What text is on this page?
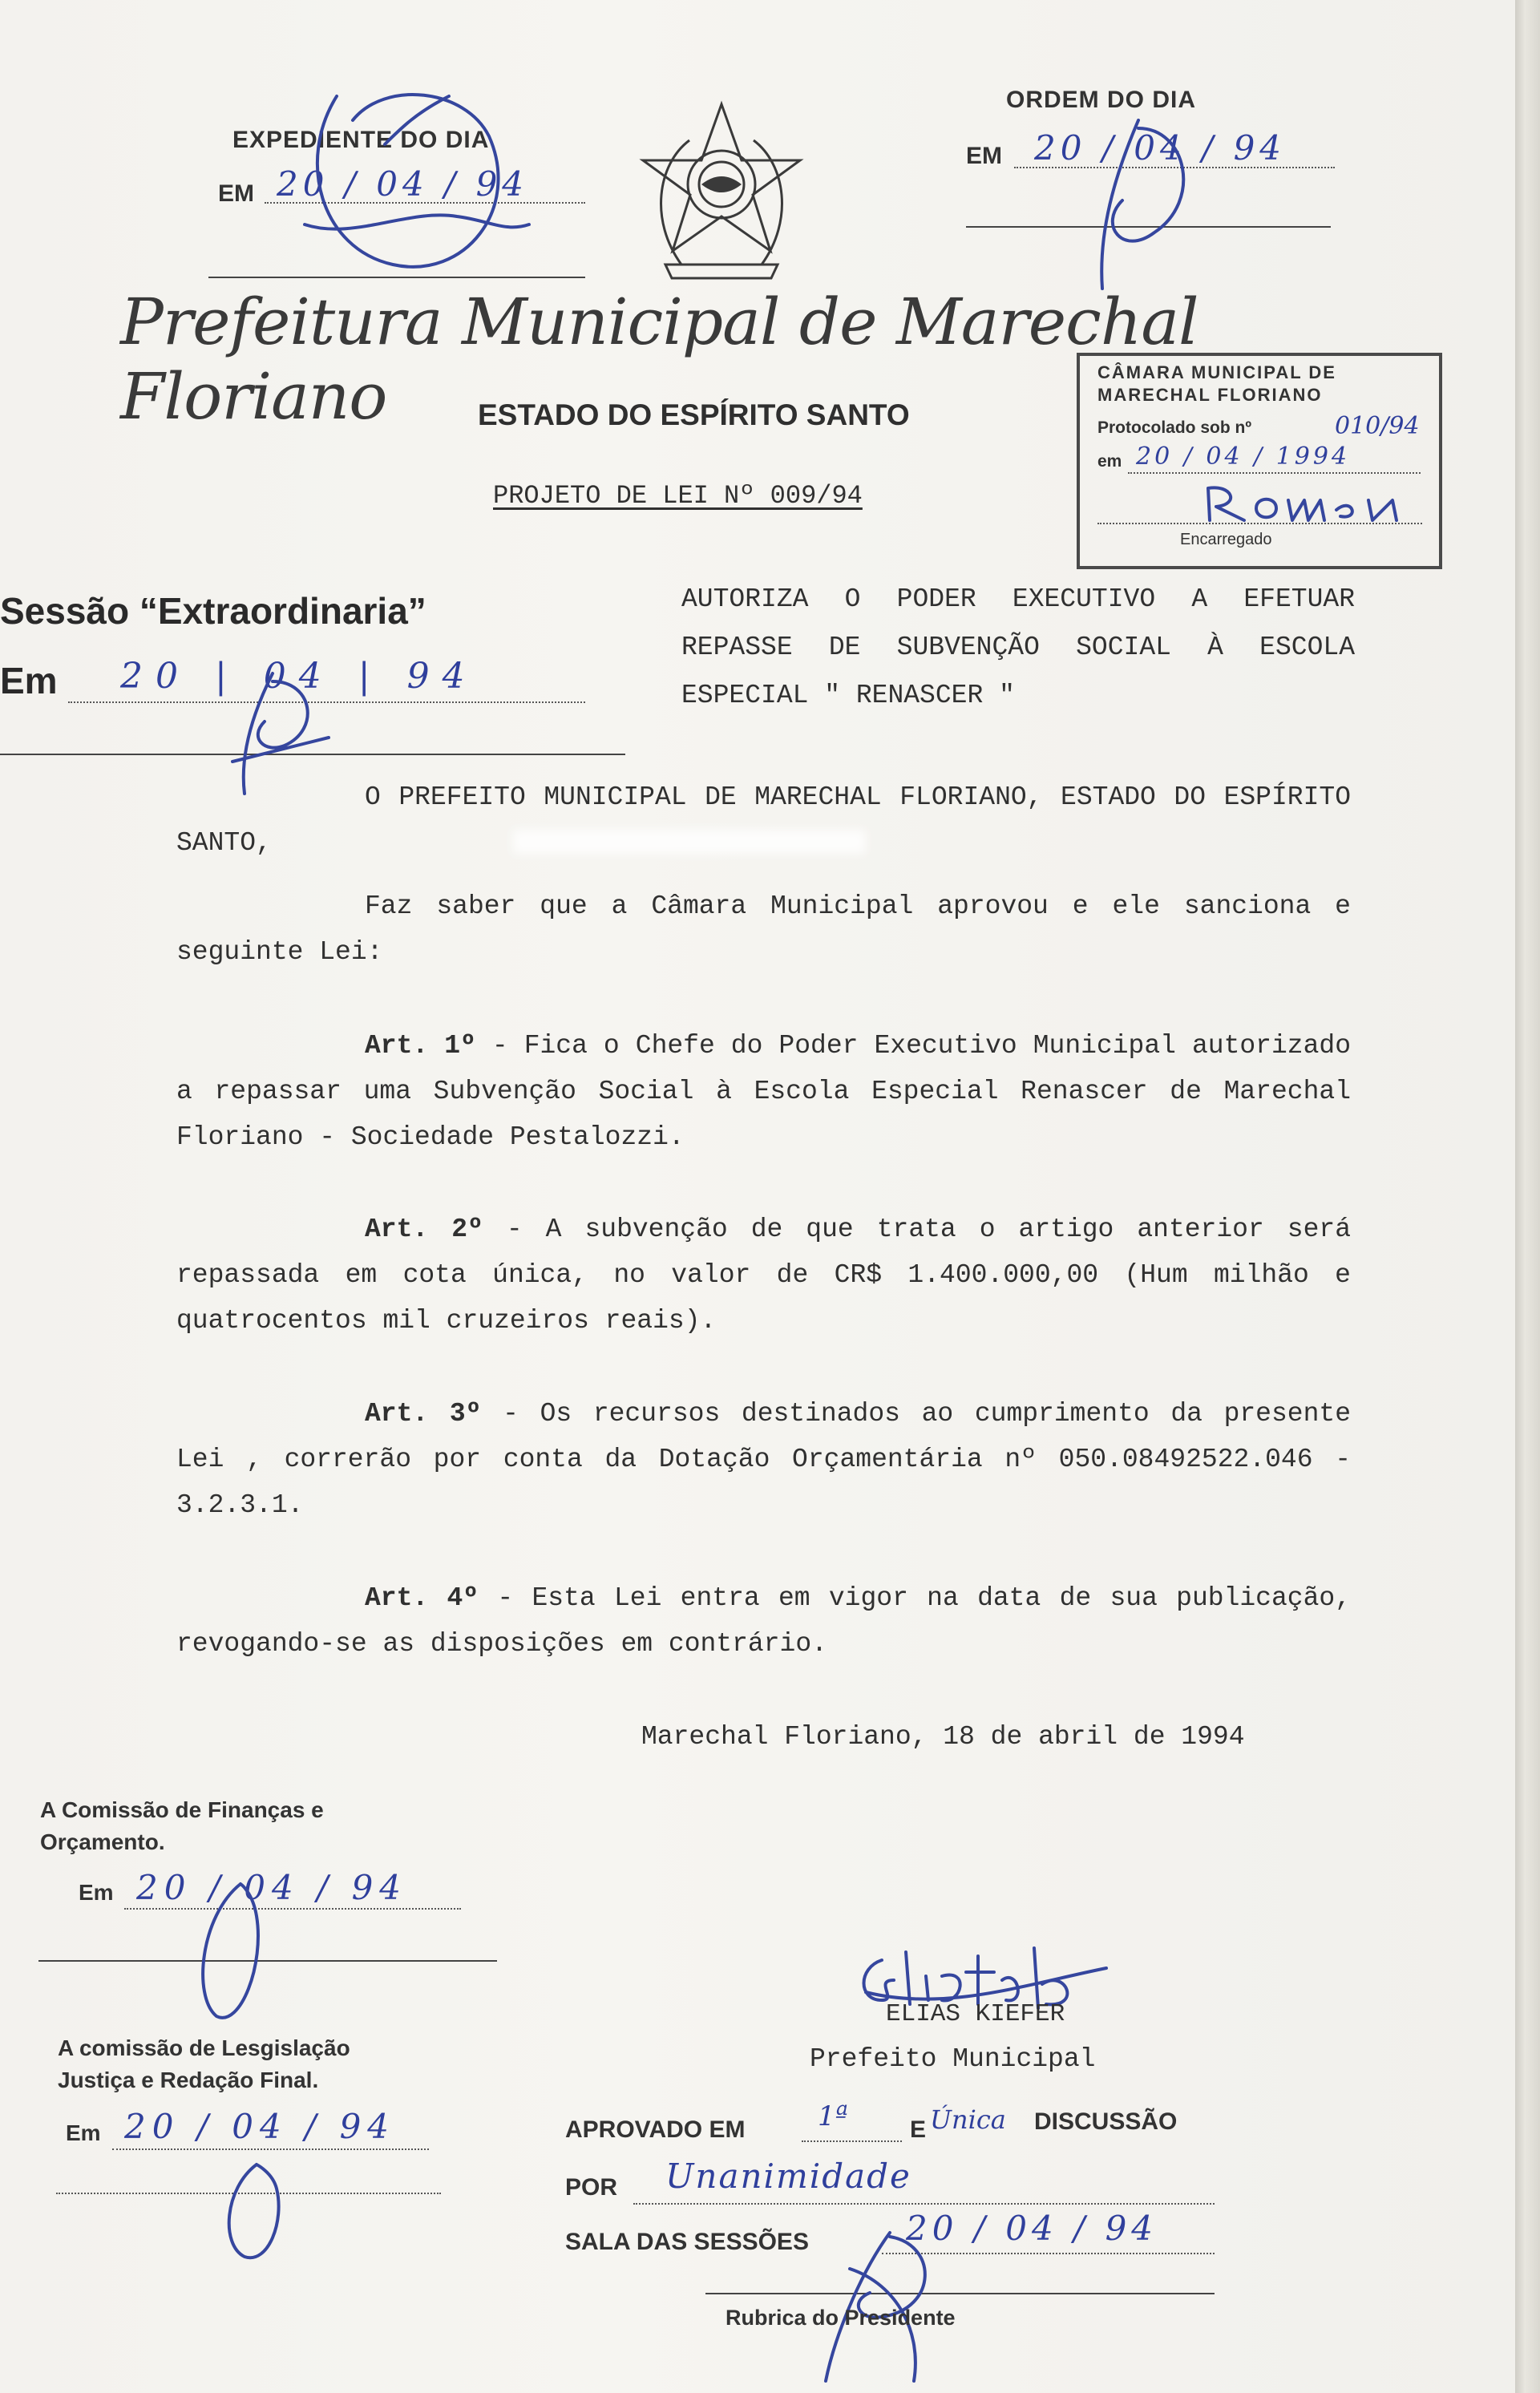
EXPEDIENTE DO DIA
EM 20 / 04 / 94
ORDEM DO DIA
EM 20 / 04 / 94
Prefeitura Municipal de Marechal Floriano	ESTADO DO ESPÍRITO SANTO
CÂMARA MUNICIPAL DE
MARECHAL FLORIANO
Protocolado sob nº	010/94
em 20 / 04 / 1994
Encarregado
PROJETO DE LEI Nº 009/94
Sessão “Extraordinaria”
Em 20 | 04 | 94
AUTORIZA O PODER EXECUTIVO A EFETUAR REPASSE DE SUBVENÇÃO SOCIAL À ESCOLA ESPECIAL " RENASCER "
O PREFEITO MUNICIPAL DE MARECHAL FLORIANO, ESTADO DO ESPÍRITO SANTO,
Faz saber que a Câmara Municipal aprovou e ele sanciona e seguinte Lei:
Art. 1º - Fica o Chefe do Poder Executivo Municipal autorizado a repassar uma Subvenção Social à Escola Especial Renascer de Marechal Floriano - Sociedade Pestalozzi.
Art. 2º - A subvenção de que trata o artigo anterior será repassada em cota única, no valor de CR$ 1.400.000,00 (Hum milhão e quatrocentos mil cruzeiros reais).
Art. 3º - Os recursos destinados ao cumprimento da presente Lei , correrão por conta da Dotação Orçamentária nº 050.08492522.046 - 3.2.3.1.
Art. 4º - Esta Lei entra em vigor na data de sua publicação, revogando-se as disposições em contrário.
Marechal Floriano, 18 de abril de 1994
A Comissão de Finanças e
Orçamento.
Em 20 / 04 / 94
A comissão de Lesgislação
Justiça e Redação Final.
Em 20 / 04 / 94
ELIAS KIEFER
Prefeito Municipal
APROVADO EM	1ª	E Única DISCUSSÃO
POR Unanimidade
SALA DAS SESSÕES	20 / 04 / 94
Rubrica do Presidente
